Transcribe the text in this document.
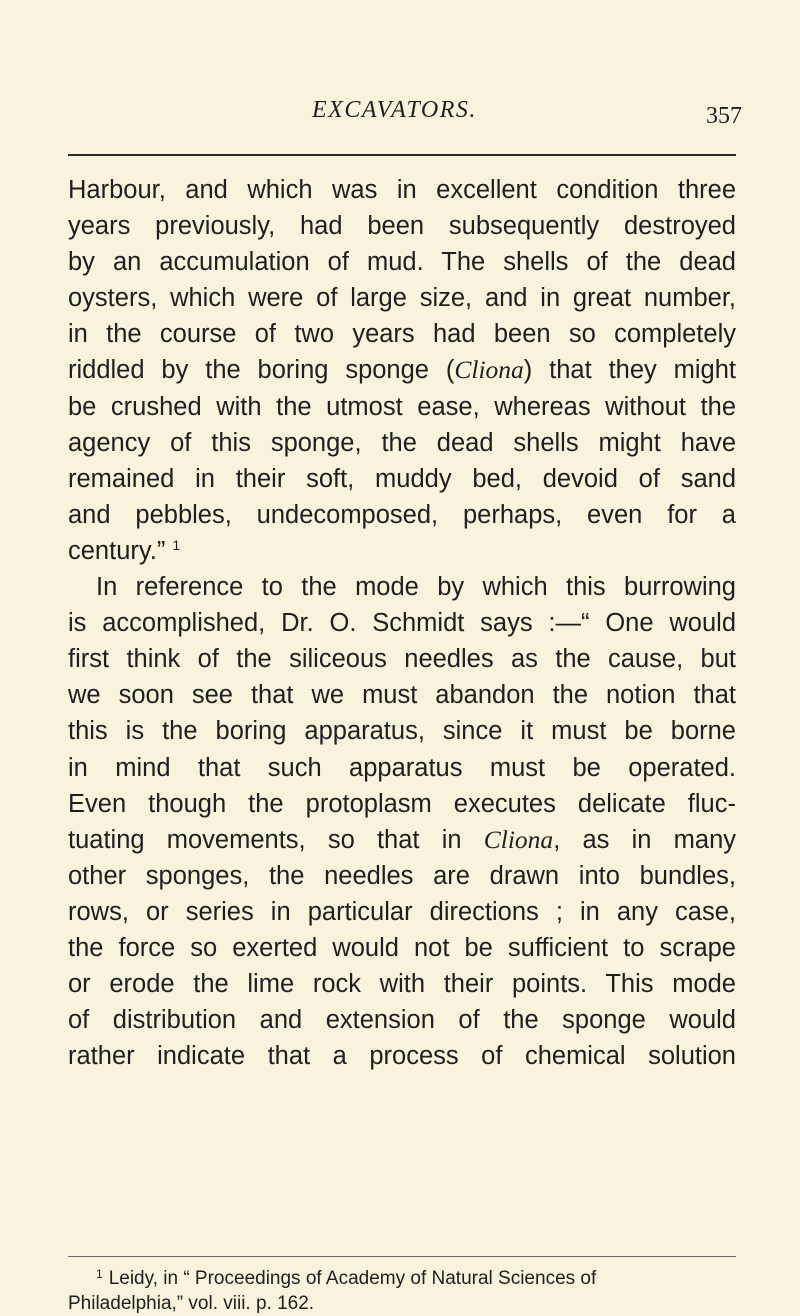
EXCAVATORS.	357
Harbour, and which was in excellent condition three
years previously, had been subsequently destroyed
by an accumulation of mud. The shells of the dead
oysters, which were of large size, and in great number,
in the course of two years had been so completely
riddled by the boring sponge (Cliona) that they might
be crushed with the utmost ease, whereas without the
agency of this sponge, the dead shells might have
remained in their soft, muddy bed, devoid of sand
and pebbles, undecomposed, perhaps, even for a
century.” $^1$
In reference to the mode by which this burrowing
is accomplished, Dr. O. Schmidt says :—“ One would
first think of the siliceous needles as the cause, but
we soon see that we must abandon the notion that
this is the boring apparatus, since it must be borne
in mind that such apparatus must be operated.
Even though the protoplasm executes delicate fluc-
tuating movements, so that in Cliona, as in many
other sponges, the needles are drawn into bundles,
rows, or series in particular directions ; in any case,
the force so exerted would not be sufficient to scrape
or erode the lime rock with their points. This mode
of distribution and extension of the sponge would
rather indicate that a process of chemical solution
$^1$ Leidy, in “ Proceedings of Academy of Natural Sciences of
Philadelphia,” vol. viii. p. 162.
